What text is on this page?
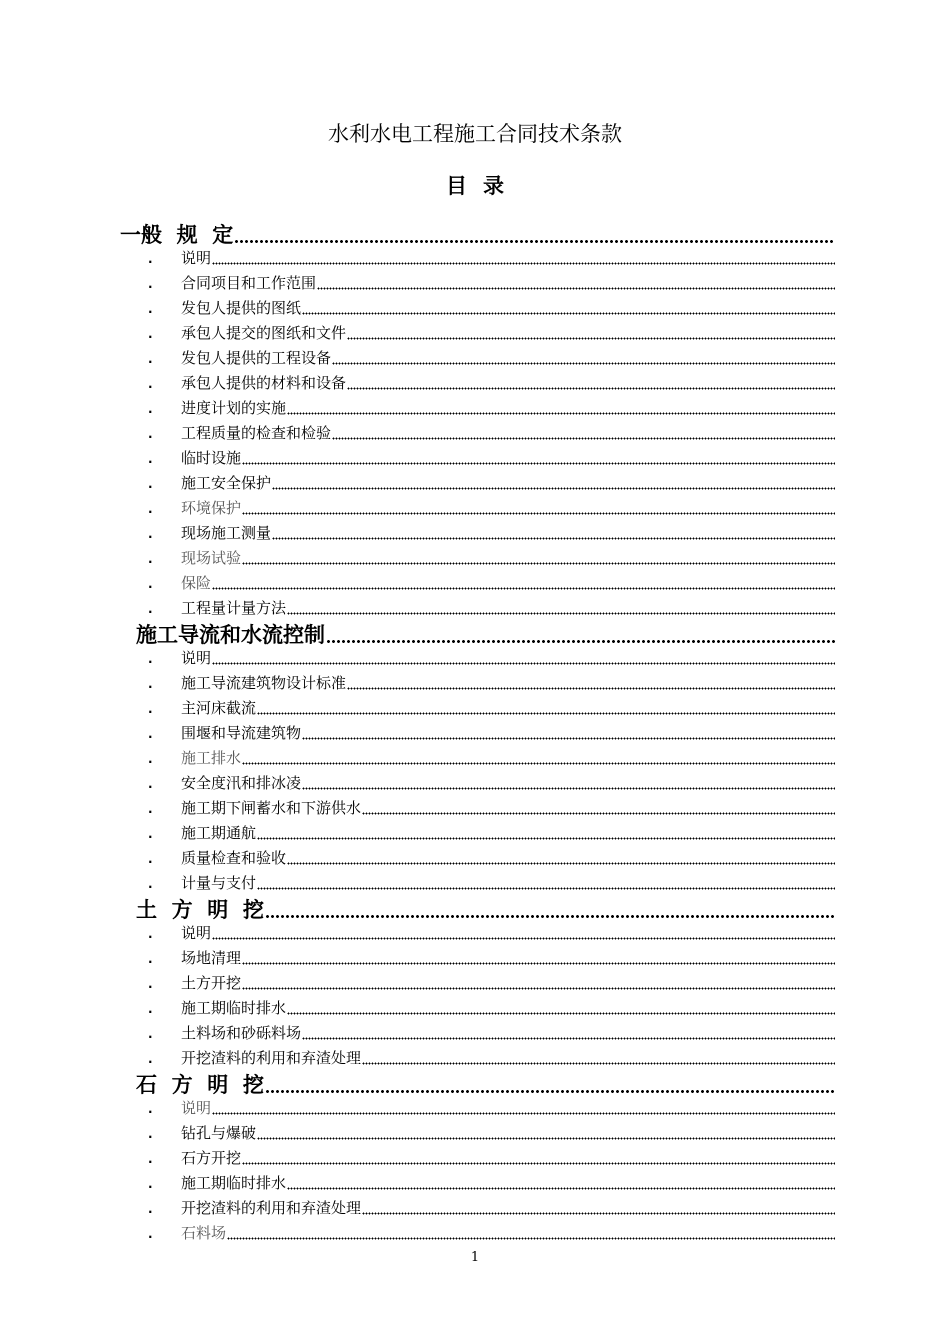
水利水电工程施工合同技术条款
目录
一般  规  定
. 说明
. 合同项目和工作范围
. 发包人提供的图纸
. 承包人提交的图纸和文件
. 发包人提供的工程设备
. 承包人提供的材料和设备
. 进度计划的实施
. 工程质量的检查和检验
. 临时设施
. 施工安全保护
. 环境保护
. 现场施工测量
. 现场试验
. 保险
. 工程量计量方法
施工导流和水流控制
. 说明
. 施工导流建筑物设计标准
. 主河床截流
. 围堰和导流建筑物
. 施工排水
. 安全度汛和排冰凌
. 施工期下闸蓄水和下游供水
. 施工期通航
. 质量检查和验收
. 计量与支付
土  方  明  挖
. 说明
. 场地清理
. 土方开挖
. 施工期临时排水
. 土料场和砂砾料场
. 开挖渣料的利用和弃渣处理
石  方  明  挖
. 说明
. 钻孔与爆破
. 石方开挖
. 施工期临时排水
. 开挖渣料的利用和弃渣处理
. 石料场
1
